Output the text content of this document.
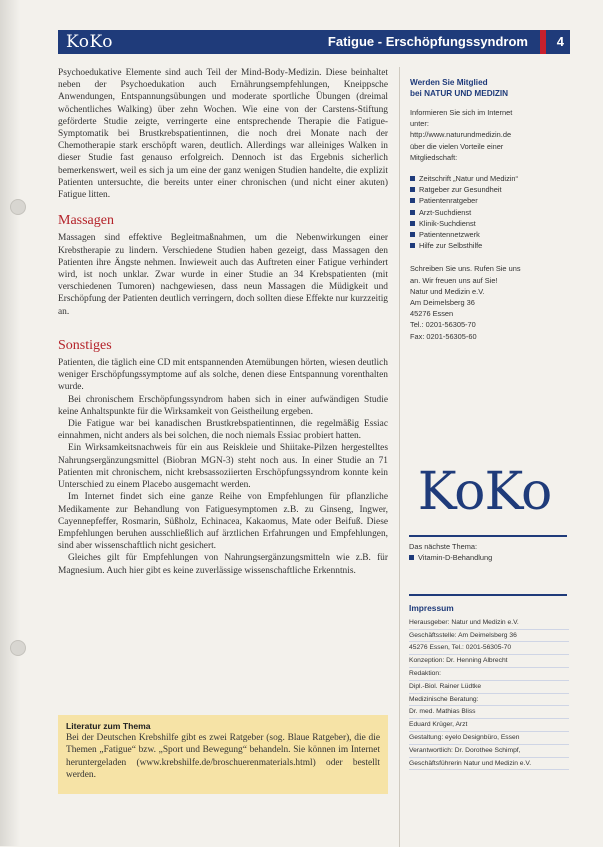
KoKo	Fatigue - Erschöpfungssyndrom 4

Psychoedukative Elemente sind auch Teil der Mind-Body-Medizin. Diese beinhaltet neben der Psychoedukation auch Ernährungsempfehlungen, Kneippsche Anwendungen, Entspannungsübungen und moderate sportliche Übungen (dreimal wöchentliches Walking) über zehn Wochen. Wie eine von der Carstens-Stiftung geförderte Studie zeigte, verringerte eine entsprechende Therapie die Fatigue-Symptomatik bei Brustkrebspatientinnen, die noch drei Monate nach der Chemotherapie stark erschöpft waren, deutlich. Allerdings war alleiniges Walken in dieser Studie fast genauso erfolgreich. Dennoch ist das Ergebnis sicherlich bemerkenswert, weil es sich ja um eine der ganz wenigen Studien handelte, die explizit Patienten untersuchte, die bereits unter einer chronischen (und nicht einer akuten) Fatigue litten.

Massagen

Massagen sind effektive Begleitmaßnahmen, um die Nebenwirkungen einer Krebstherapie zu lindern. Verschiedene Studien haben gezeigt, dass Massagen den Patienten ihre Ängste nehmen. Inwieweit auch das Auftreten einer Fatigue verhindert wird, ist noch unklar. Zwar wurde in einer Studie an 34 Krebspatienten (mit verschiedenen Tumoren) nachgewiesen, dass neun Massagen die Müdigkeit und Erschöpfung der Patienten deutlich verringern, doch sollten diese Effekte nur kurzzeitig an.

Sonstiges

Patienten, die täglich eine CD mit entspannenden Atemübungen hörten, wiesen deutlich weniger Erschöpfungssymptome auf als solche, denen diese Entspannung vorenthalten wurde.

Bei chronischem Erschöpfungssyndrom haben sich in einer aufwändigen Studie keine Anhaltspunkte für die Wirksamkeit von Geistheilung ergeben.

Die Fatigue war bei kanadischen Brustkrebspatientinnen, die regelmäßig Essiac einnahmen, nicht anders als bei solchen, die noch niemals Essiac probiert hatten.

Ein Wirksamkeitsnachweis für ein aus Reiskleie und Shiitake-Pilzen hergestelltes Nahrungsergänzungsmittel (Biobran MGN-3) steht noch aus. In einer Studie an 71 Patienten mit chronischem, nicht krebsassoziierten Erschöpfungssyndrom konnte kein Unterschied zu einem Placebo ausgemacht werden.

Im Internet findet sich eine ganze Reihe von Empfehlungen für pflanzliche Medikamente zur Behandlung von Fatiguesymptomen z.B. zu Ginseng, Ingwer, Cayennepfeffer, Rosmarin, Süßholz, Echinacea, Kakaomus, Mate oder Beifuß. Diese Empfehlungen beruhen ausschließlich auf ärztlichen Erfahrungen und Empfehlungen, sind aber wissenschaftlich nicht gesichert.

Gleiches gilt für Empfehlungen von Nahrungsergänzungsmitteln wie z.B. für Magnesium. Auch hier gibt es keine zuverlässige wissenschaftliche Erkenntnis.

Literatur zum Thema

Bei der Deutschen Krebshilfe gibt es zwei Ratgeber (sog. Blaue Ratgeber), die die Themen „Fatigue“ bzw. „Sport und Bewegung“ behandeln. Sie können im Internet heruntergeladen (www.krebshilfe.de/broschuerenmaterials.html) oder bestellt werden.

Werden Sie Mitglied
bei NATUR UND MEDIZIN
Informieren Sie sich im Internet
unter:
http://www.naturundmedizin.de
über die vielen Vorteile einer
Mitgliedschaft:
Zeitschrift „Natur und Medizin“
Ratgeber zur Gesundheit
Patientenratgeber
Arzt-Suchdienst
Klinik-Suchdienst
Patientennetzwerk
Hilfe zur Selbsthilfe
Schreiben Sie uns. Rufen Sie uns
an. Wir freuen uns auf Sie!
Natur und Medizin e.V.
Am Deimelsberg 36
45276 Essen
Tel.: 0201-56305-70
Fax: 0201-56305-60
KoKo
Das nächste Thema:
Vitamin-D-Behandlung
Impressum
Herausgeber: Natur und Medizin e.V.
Geschäftsstelle: Am Deimelsberg 36
45276 Essen, Tel.: 0201-56305-70
Konzeption: Dr. Henning Albrecht
Redaktion:
Dipl.-Biol. Rainer Lüdtke
Medizinische Beratung:
Dr. med. Mathias Bliss
Eduard Krüger, Arzt
Gestaltung: eyelo Designbüro, Essen
Verantwortlich: Dr. Dorothee Schimpf,
Geschäftsführerin Natur und Medizin e.V.
